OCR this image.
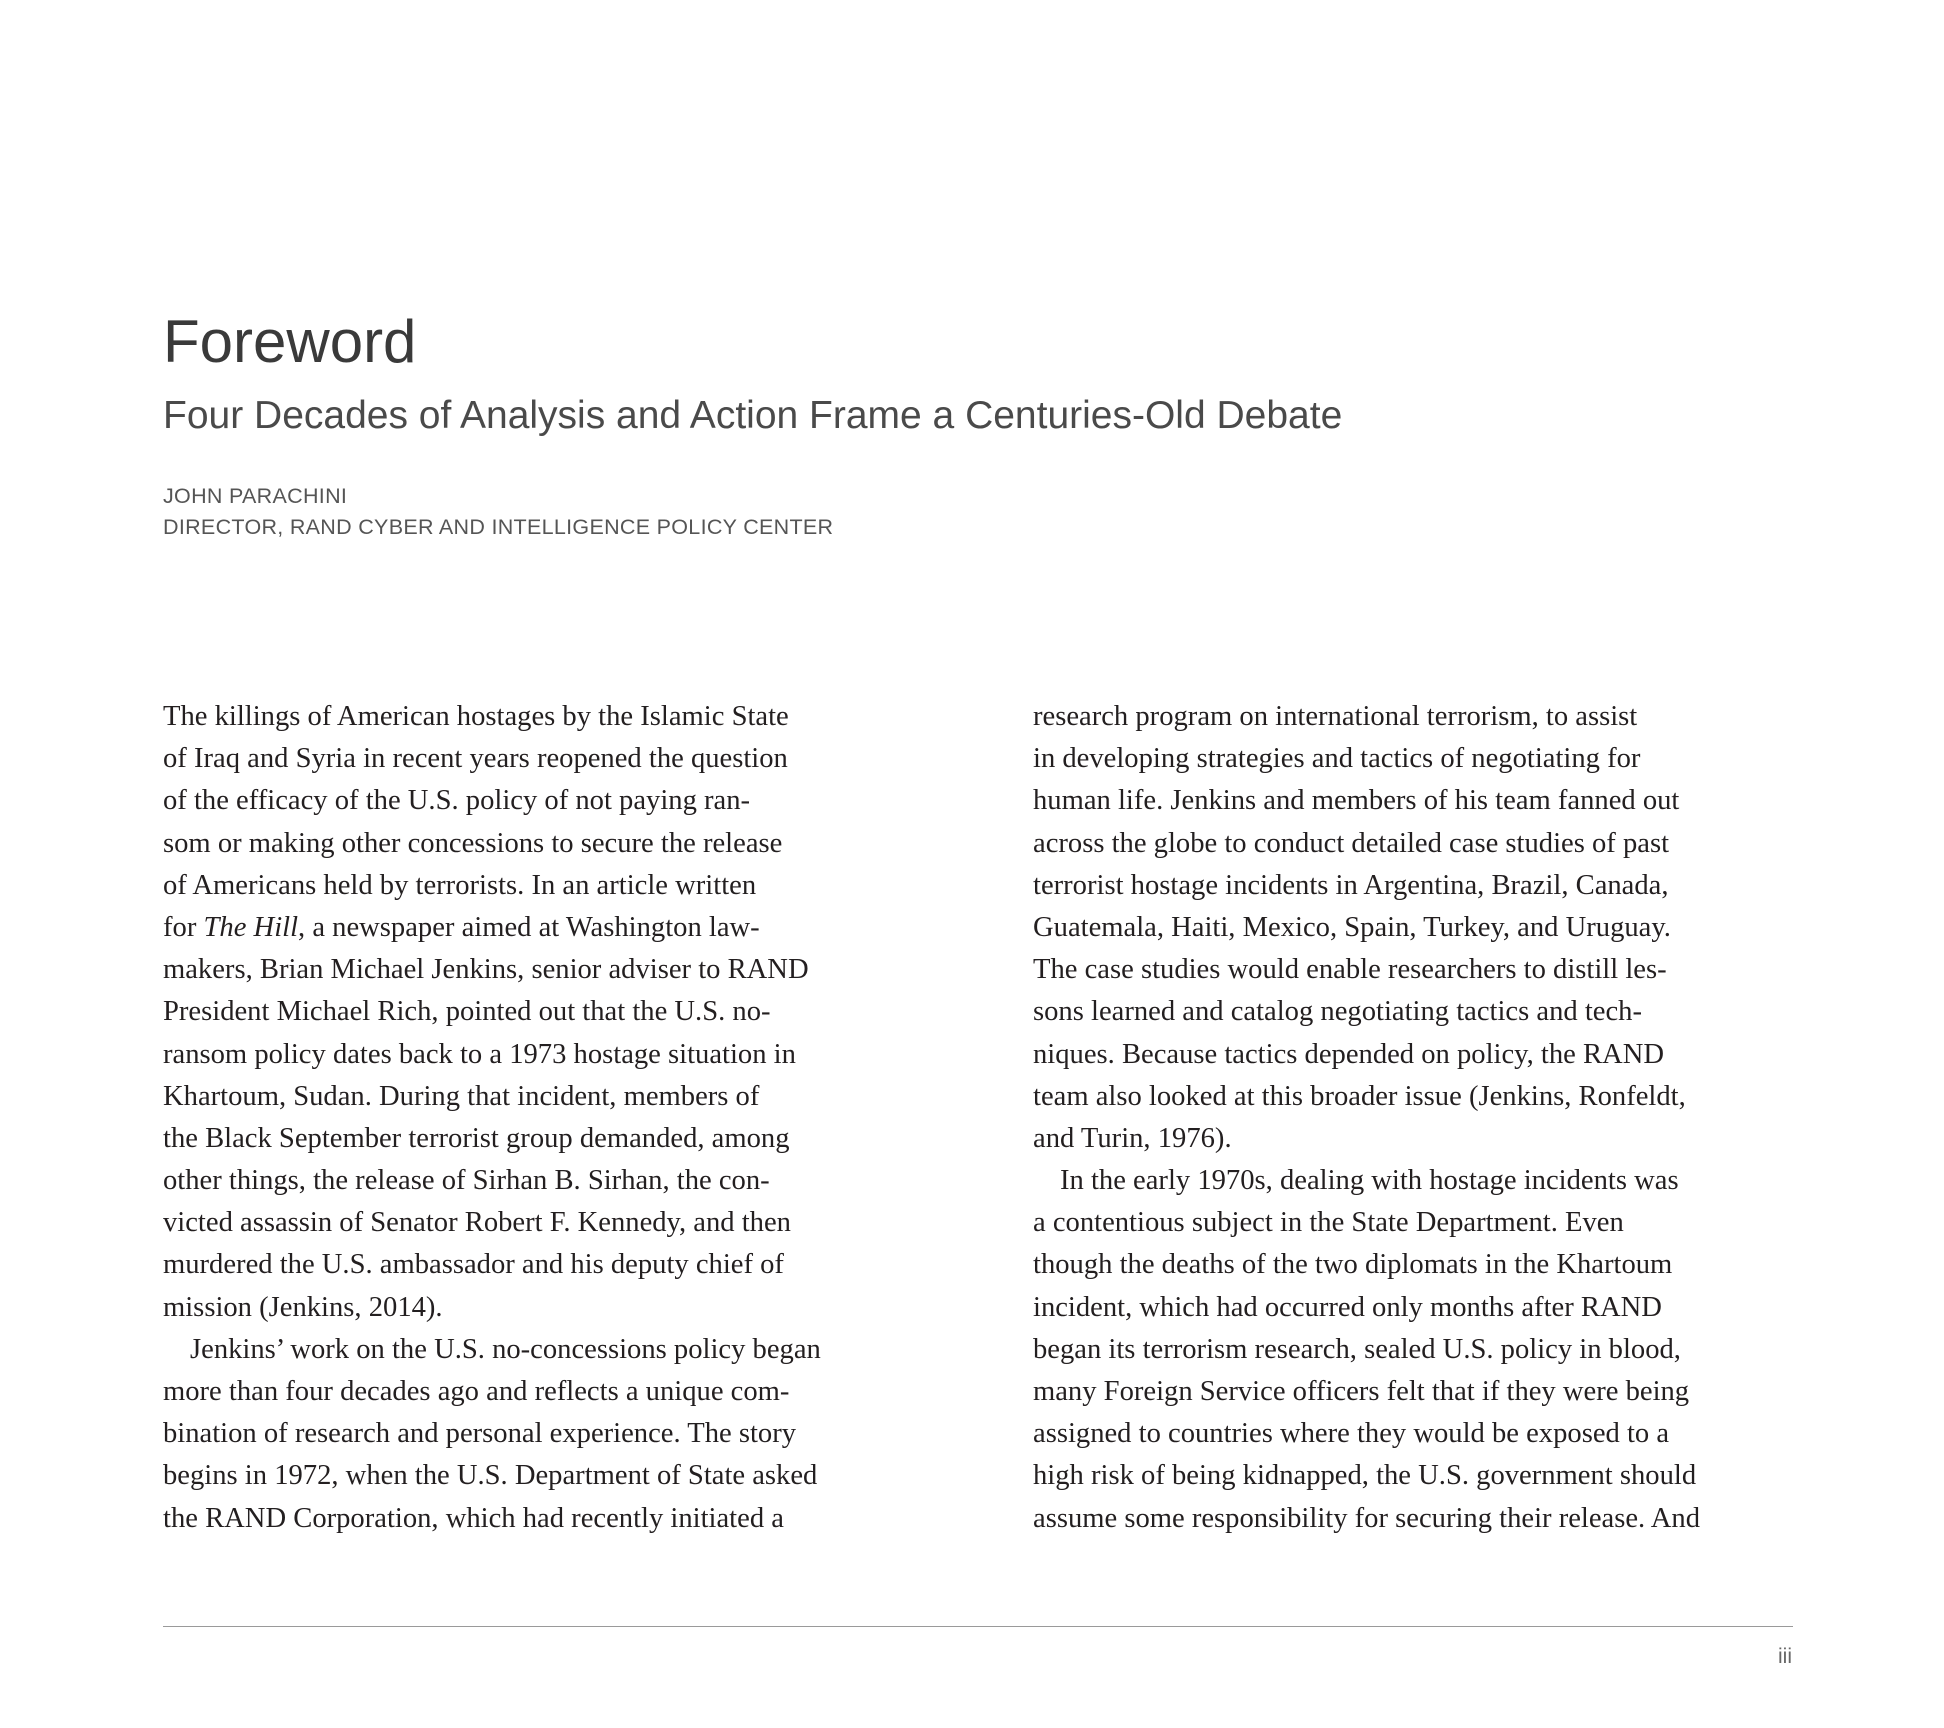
Foreword
Four Decades of Analysis and Action Frame a Centuries-Old Debate
JOHN PARACHINI
DIRECTOR, RAND CYBER AND INTELLIGENCE POLICY CENTER
The killings of American hostages by the Islamic State
of Iraq and Syria in recent years reopened the question
of the efficacy of the U.S. policy of not paying ran-
som or making other concessions to secure the release
of Americans held by terrorists. In an article written
for The Hill, a newspaper aimed at Washington law-
makers, Brian Michael Jenkins, senior adviser to RAND
President Michael Rich, pointed out that the U.S. no-
ransom policy dates back to a 1973 hostage situation in
Khartoum, Sudan. During that incident, members of
the Black September terrorist group demanded, among
other things, the release of Sirhan B. Sirhan, the con-
victed assassin of Senator Robert F. Kennedy, and then
murdered the U.S. ambassador and his deputy chief of
mission (Jenkins, 2014).
Jenkins’ work on the U.S. no-concessions policy began
more than four decades ago and reflects a unique com-
bination of research and personal experience. The story
begins in 1972, when the U.S. Department of State asked
the RAND Corporation, which had recently initiated a
research program on international terrorism, to assist
in developing strategies and tactics of negotiating for
human life. Jenkins and members of his team fanned out
across the globe to conduct detailed case studies of past
terrorist hostage incidents in Argentina, Brazil, Canada,
Guatemala, Haiti, Mexico, Spain, Turkey, and Uruguay.
The case studies would enable researchers to distill les-
sons learned and catalog negotiating tactics and tech-
niques. Because tactics depended on policy, the RAND
team also looked at this broader issue (Jenkins, Ronfeldt,
and Turin, 1976).
In the early 1970s, dealing with hostage incidents was
a contentious subject in the State Department. Even
though the deaths of the two diplomats in the Khartoum
incident, which had occurred only months after RAND
began its terrorism research, sealed U.S. policy in blood,
many Foreign Service officers felt that if they were being
assigned to countries where they would be exposed to a
high risk of being kidnapped, the U.S. government should
assume some responsibility for securing their release. And
iii
